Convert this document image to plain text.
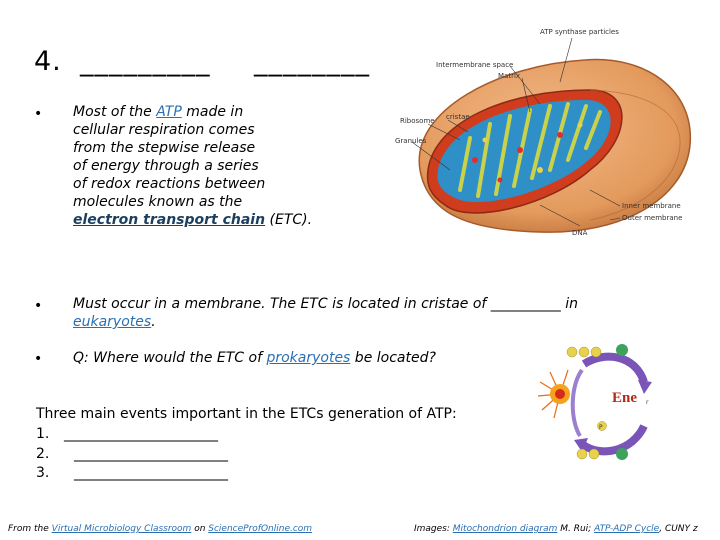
4. _________ ________
• Most of the ATP made in
cellular respiration comes
from the stepwise release
of energy through a series
of redox reactions between
molecules known as the
electron transport chain (ETC).
• Must occur in a membrane. The ETC is located in cristae of __________ in
eukaryotes.
• Q: Where would the ETC of prokaryotes be located?
Three main events important in the ETCs generation of ATP:
1. ______________________
2. ______________________
3. ______________________
ATP synthase particles
Intermembrane space
Matrix
Ribosome cristae
Granules
Inner membrane
Outer membrane
DNA
P
Ene r
From the Virtual Microbiology Classroom on ScienceProfOnline.com	Images: Mitochondrion diagram M. Rui; ATP-ADP Cycle, CUNY z
